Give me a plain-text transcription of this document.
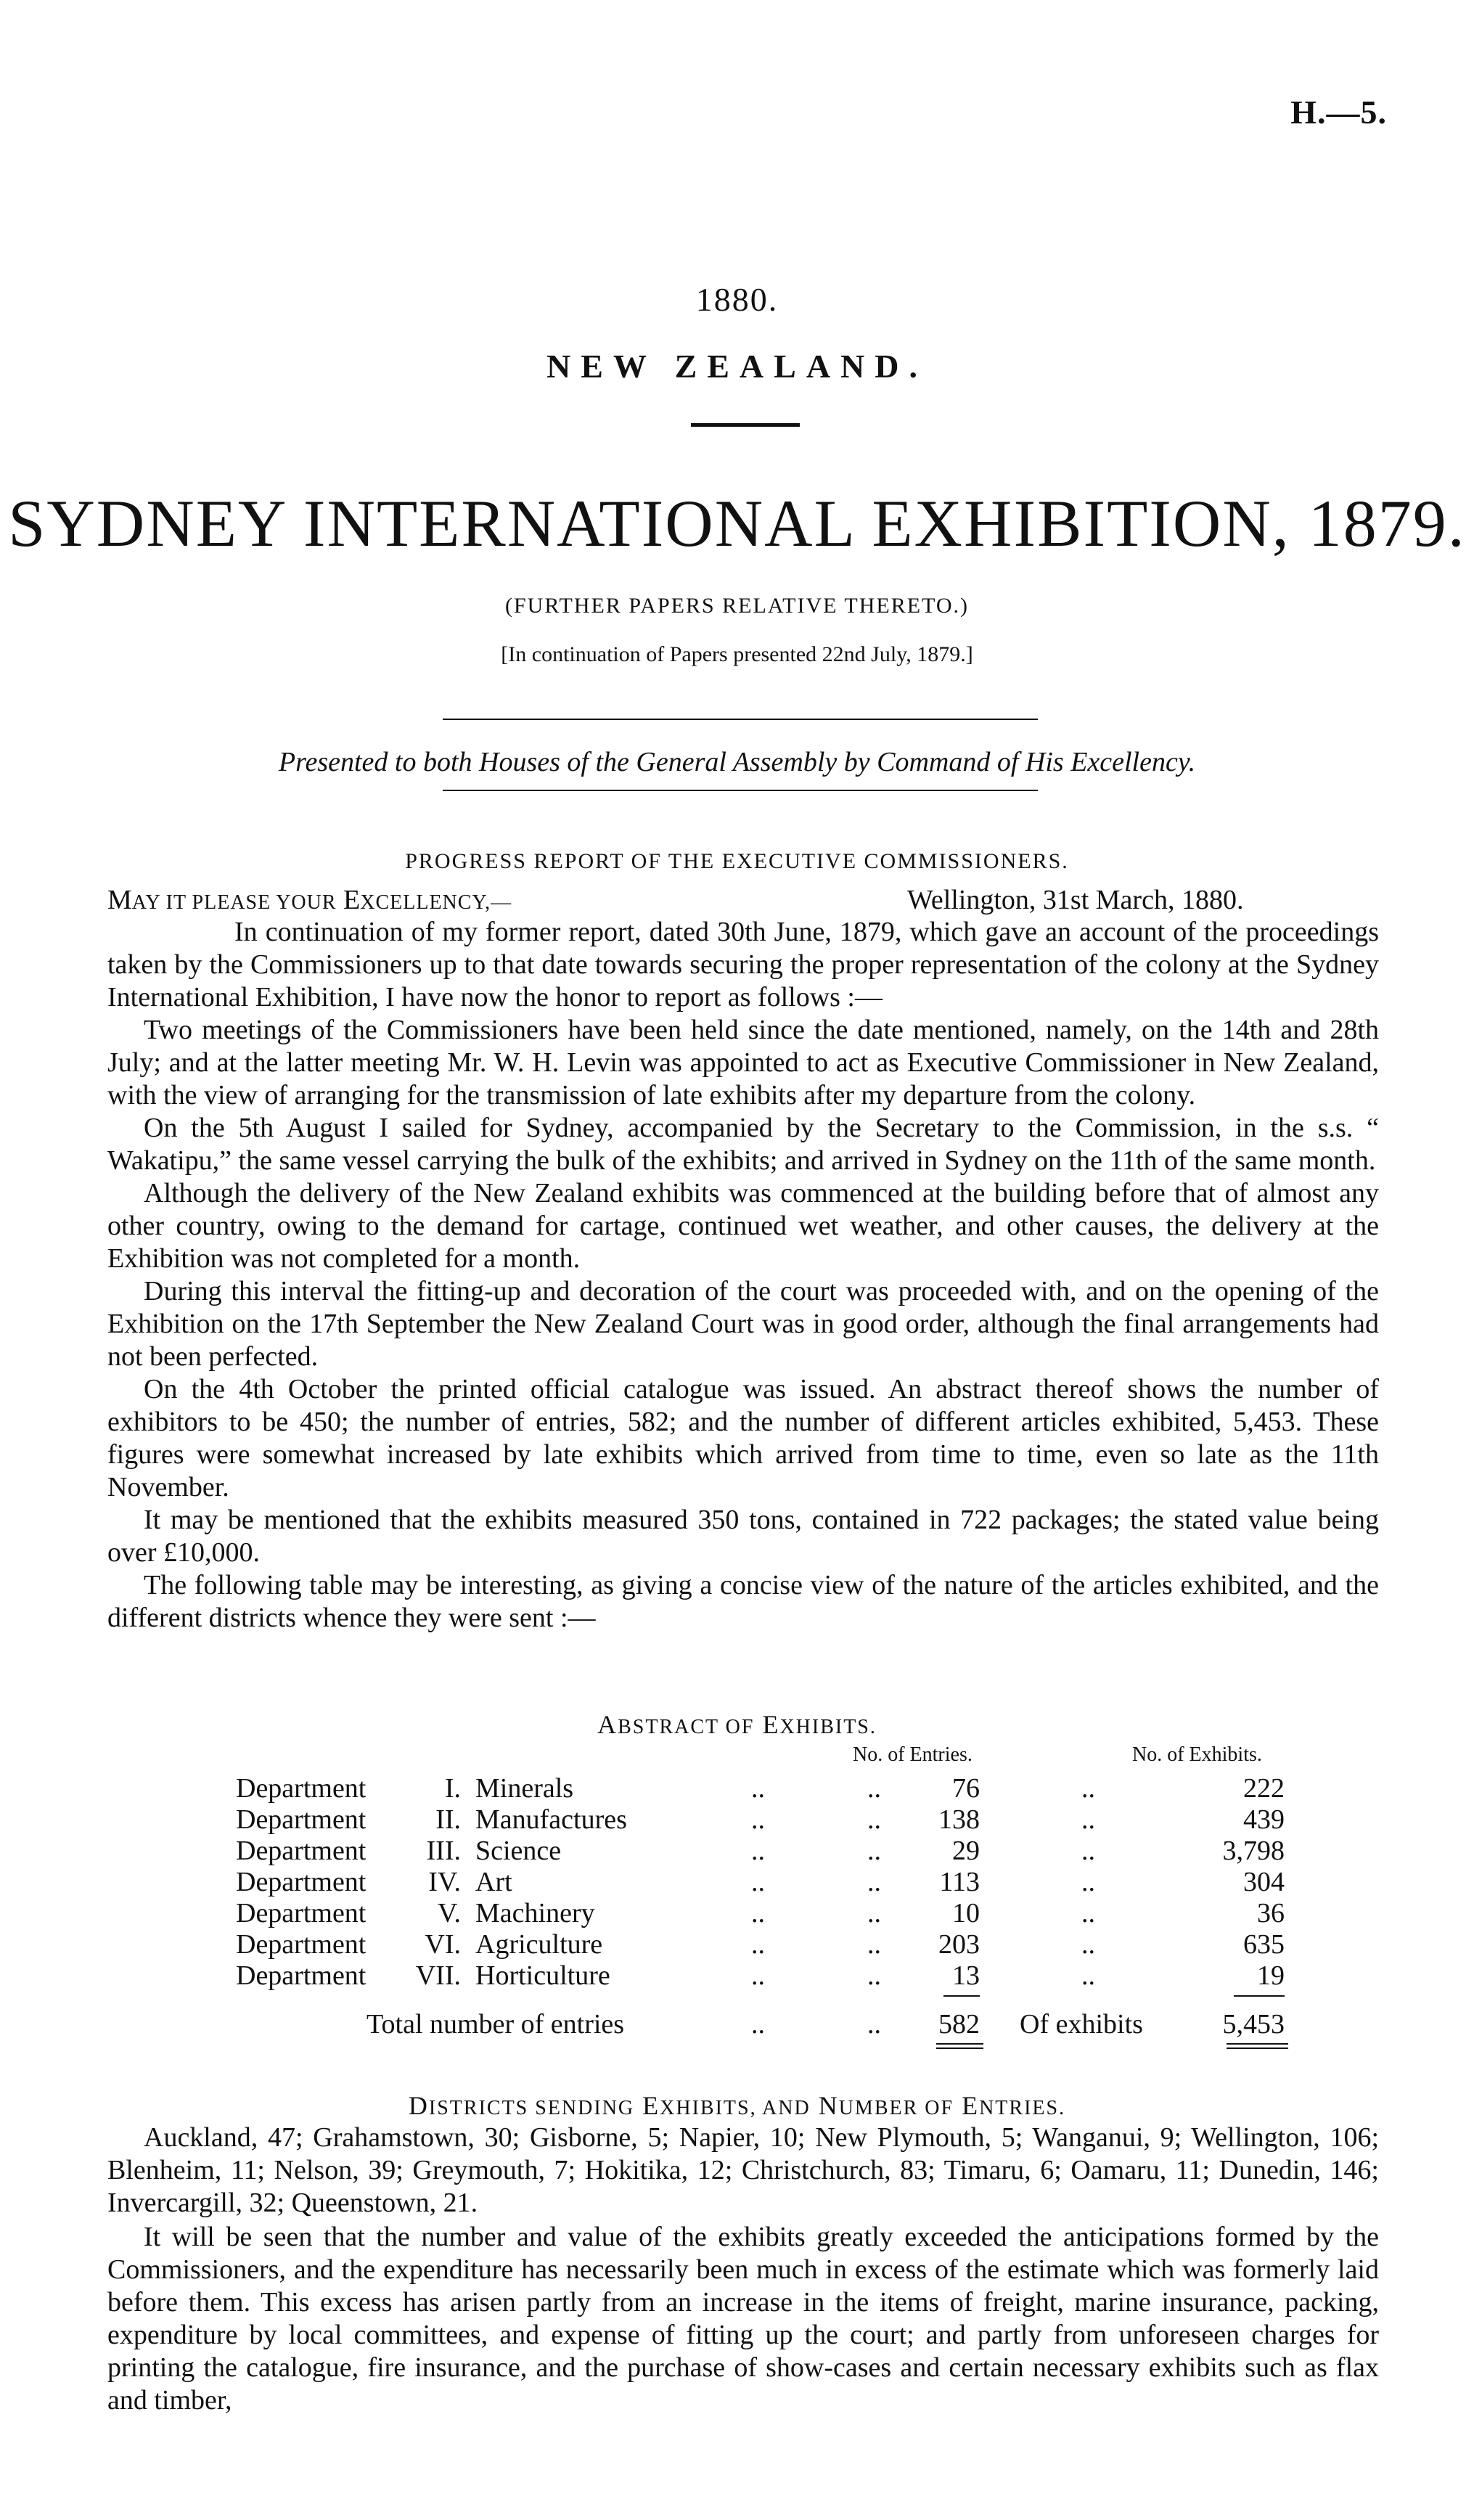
H.—5.
1880.
NEW ZEALAND.
SYDNEY INTERNATIONAL EXHIBITION, 1879.
(FURTHER PAPERS RELATIVE THERETO.)
[In continuation of Papers presented 22nd July, 1879.]
Presented to both Houses of the General Assembly by Command of His Excellency.
PROGRESS REPORT OF THE EXECUTIVE COMMISSIONERS.
MAY IT PLEASE YOUR EXCELLENCY,—	Wellington, 31st March, 1880.

In continuation of my former report, dated 30th June, 1879, which gave an account of the proceedings taken by the Commissioners up to that date towards securing the proper representation of the colony at the Sydney International Exhibition, I have now the honor to report as follows :—

Two meetings of the Commissioners have been held since the date mentioned, namely, on the 14th and 28th July; and at the latter meeting Mr. W. H. Levin was appointed to act as Executive Commissioner in New Zealand, with the view of arranging for the transmission of late exhibits after my departure from the colony.

On the 5th August I sailed for Sydney, accompanied by the Secretary to the Commission, in the s.s. “ Wakatipu,” the same vessel carrying the bulk of the exhibits; and arrived in Sydney on the 11th of the same month.

Although the delivery of the New Zealand exhibits was commenced at the building before that of almost any other country, owing to the demand for cartage, continued wet weather, and other causes, the delivery at the Exhibition was not completed for a month.

During this interval the fitting-up and decoration of the court was proceeded with, and on the opening of the Exhibition on the 17th September the New Zealand Court was in good order, although the final arrangements had not been perfected.

On the 4th October the printed official catalogue was issued. An abstract thereof shows the number of exhibitors to be 450; the number of entries, 582; and the number of different articles exhibited, 5,453. These figures were somewhat increased by late exhibits which arrived from time to time, even so late as the 11th November.

It may be mentioned that the exhibits measured 350 tons, contained in 722 packages; the stated value being over £10,000.

The following table may be interesting, as giving a concise view of the nature of the articles exhibited, and the different districts whence they were sent :—

ABSTRACT OF EXHIBITS.
No. of Entries.	No. of Exhibits.
Department	I. Minerals	..	..	76	..	222
Department	II. Manufactures	..	..	138	..	439
Department	III. Science	..	..	29	..	3,798
Department	IV. Art	..	..	113	..	304
Department	V. Machinery	..	..	10	..	36
Department	VI. Agriculture	..	..	203	..	635
Department	VII. Horticulture	..	..	13	..	19
Total number of entries	..	..	582 Of exhibits	5,453
DISTRICTS SENDING EXHIBITS, AND NUMBER OF ENTRIES.

Auckland, 47; Grahamstown, 30; Gisborne, 5; Napier, 10; New Plymouth, 5; Wanganui, 9; Wellington, 106; Blenheim, 11; Nelson, 39; Greymouth, 7; Hokitika, 12; Christchurch, 83; Timaru, 6; Oamaru, 11; Dunedin, 146; Invercargill, 32; Queenstown, 21.

It will be seen that the number and value of the exhibits greatly exceeded the anticipations formed by the Commissioners, and the expenditure has necessarily been much in excess of the estimate which was formerly laid before them. This excess has arisen partly from an increase in the items of freight, marine insurance, packing, expenditure by local committees, and expense of fitting up the court; and partly from unforeseen charges for printing the catalogue, fire insurance, and the purchase of show-cases and certain necessary exhibits such as flax and timber,
